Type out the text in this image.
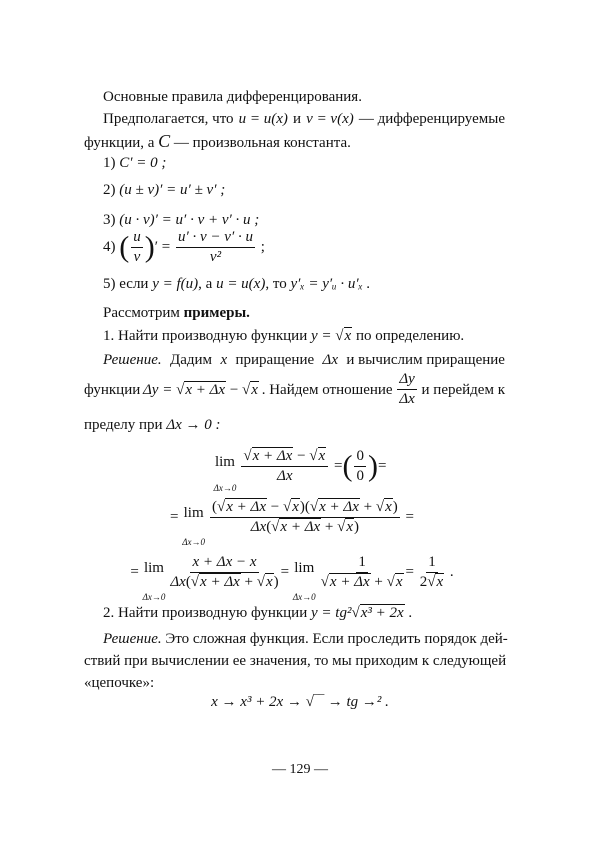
Основные правила дифференцирования.
Предполагается, что u = u(x) и v = v(x) — дифференцируемые
функции, а C — произвольная константа.
1) C′ = 0 ;
2) (u ± v)′ = u′ ± v′ ;
3) (u · v)′ = u′ · v + v′ · u ;
4) ( $\frac{u}{v}$ )′ = $\frac{u' \cdot v - v' \cdot u}{\text{v²}}$ ;
5) если y = f(u), а u = u(x), то y′ₓ = y′ᵤ · u′ₓ .
Рассмотрим примеры.
1. Найти производную функции y = √x по определению.
Решение. Дадим x приращение Δx и вычислим приращение
функции Δy = √x + Δx − √x . Найдем отношение
Δy
Δx
и перейдем к
пределу при Δx → 0 :
lim
Δx→0
$\frac{√x + \Delta x - √x}{\Delta x}$ =( $\frac{0}{0}$ )=
= lim
Δx→0
$\frac{(√x + \Delta x - √x)(√x + \Delta x + √x)}{\Delta x(√x + \Delta x + √x)}$ =
= lim
Δx→0
$\frac{x + \Delta x - x}{\Delta x(√x + \Delta x + √x)} = \lim$
Δx→0
$\frac{1}{√x + \Delta x + √x} = \frac{1}{2√x}$ .
2. Найти производную функции y = tg²√x³ + 2x .
Решение. Это сложная функция. Если проследить порядок дей-
ствий при вычислении ее значения, то мы приходим к следующей
«цепочке»:
x → x³ + 2x → √‾‾ → tg →² .
— 129 —
